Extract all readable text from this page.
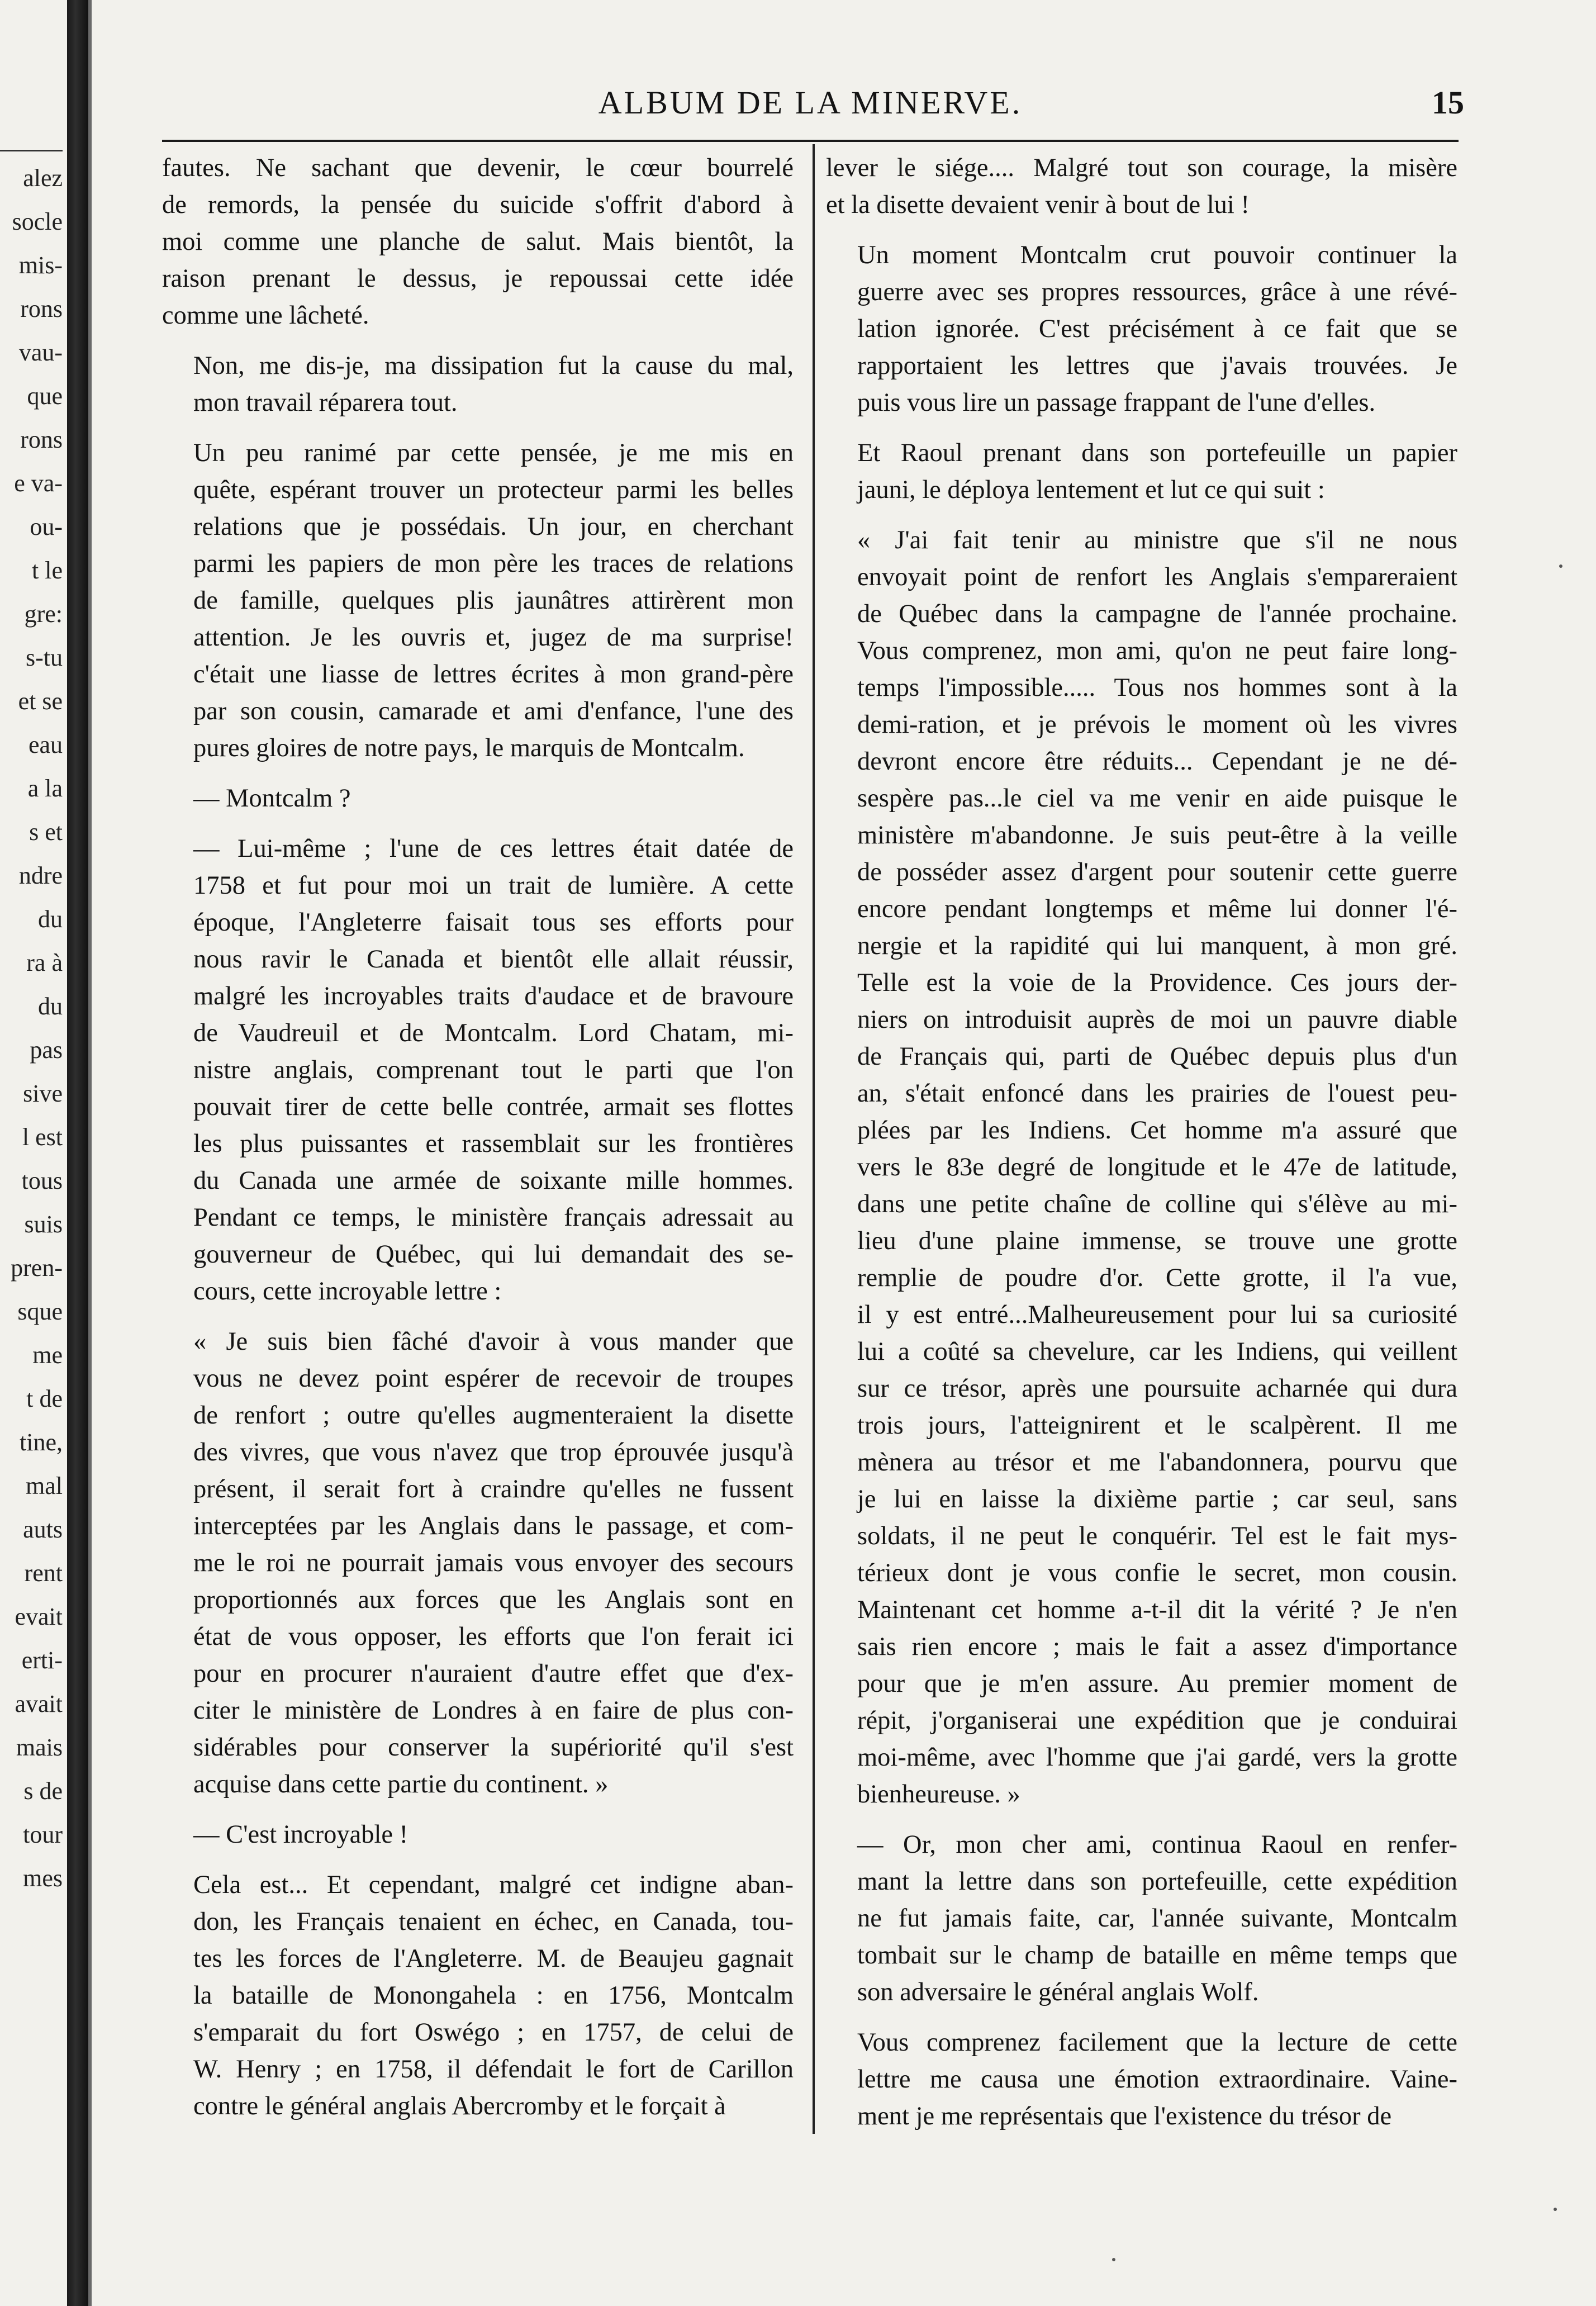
alez
socle
mis-
rons
vau-
que
rons
e va-
ou-
t le
gre:
s-tu
et se
eau
a la
s et
ndre
du
ra à
du
pas
sive
l est
tous
suis
pren-
sque
me
t de
tine,
mal
auts
rent
evait
erti-
avait
mais
s de
tour
mes
ALBUM DE LA MINERVE.	15

fautes. Ne sachant que devenir, le cœur bourrelé
de remords, la pensée du suicide s'offrit d'abord à
moi comme une planche de salut. Mais bientôt, la
raison prenant le dessus, je repoussai cette idée
comme une lâcheté.

Non, me dis-je, ma dissipation fut la cause du mal,
mon travail réparera tout.

Un peu ranimé par cette pensée, je me mis en
quête, espérant trouver un protecteur parmi les belles
relations que je possédais. Un jour, en cherchant
parmi les papiers de mon père les traces de relations
de famille, quelques plis jaunâtres attirèrent mon
attention. Je les ouvris et, jugez de ma surprise!
c'était une liasse de lettres écrites à mon grand-père
par son cousin, camarade et ami d'enfance, l'une des
pures gloires de notre pays, le marquis de Montcalm.

— Montcalm ?

— Lui-même ; l'une de ces lettres était datée de
1758 et fut pour moi un trait de lumière. A cette
époque, l'Angleterre faisait tous ses efforts pour
nous ravir le Canada et bientôt elle allait réussir,
malgré les incroyables traits d'audace et de bravoure
de Vaudreuil et de Montcalm. Lord Chatam, mi-
nistre anglais, comprenant tout le parti que l'on
pouvait tirer de cette belle contrée, armait ses flottes
les plus puissantes et rassemblait sur les frontières
du Canada une armée de soixante mille hommes.
Pendant ce temps, le ministère français adressait au
gouverneur de Québec, qui lui demandait des se-
cours, cette incroyable lettre :

« Je suis bien fâché d'avoir à vous mander que
vous ne devez point espérer de recevoir de troupes
de renfort ; outre qu'elles augmenteraient la disette
des vivres, que vous n'avez que trop éprouvée jusqu'à
présent, il serait fort à craindre qu'elles ne fussent
interceptées par les Anglais dans le passage, et com-
me le roi ne pourrait jamais vous envoyer des secours
proportionnés aux forces que les Anglais sont en
état de vous opposer, les efforts que l'on ferait ici
pour en procurer n'auraient d'autre effet que d'ex-
citer le ministère de Londres à en faire de plus con-
sidérables pour conserver la supériorité qu'il s'est
acquise dans cette partie du continent. »

— C'est incroyable !

Cela est... Et cependant, malgré cet indigne aban-
don, les Français tenaient en échec, en Canada, tou-
tes les forces de l'Angleterre. M. de Beaujeu gagnait
la bataille de Monongahela : en 1756, Montcalm
s'emparait du fort Oswégo ; en 1757, de celui de
W. Henry ; en 1758, il défendait le fort de Carillon
contre le général anglais Abercromby et le forçait à

lever le siége.... Malgré tout son courage, la misère
et la disette devaient venir à bout de lui !

Un moment Montcalm crut pouvoir continuer la
guerre avec ses propres ressources, grâce à une révé-
lation ignorée. C'est précisément à ce fait que se
rapportaient les lettres que j'avais trouvées. Je
puis vous lire un passage frappant de l'une d'elles.

Et Raoul prenant dans son portefeuille un papier
jauni, le déploya lentement et lut ce qui suit :

« J'ai fait tenir au ministre que s'il ne nous
envoyait point de renfort les Anglais s'empareraient
de Québec dans la campagne de l'année prochaine.
Vous comprenez, mon ami, qu'on ne peut faire long-
temps l'impossible..... Tous nos hommes sont à la
demi-ration, et je prévois le moment où les vivres
devront encore être réduits... Cependant je ne dé-
sespère pas...le ciel va me venir en aide puisque le
ministère m'abandonne. Je suis peut-être à la veille
de posséder assez d'argent pour soutenir cette guerre
encore pendant longtemps et même lui donner l'é-
nergie et la rapidité qui lui manquent, à mon gré.
Telle est la voie de la Providence. Ces jours der-
niers on introduisit auprès de moi un pauvre diable
de Français qui, parti de Québec depuis plus d'un
an, s'était enfoncé dans les prairies de l'ouest peu-
plées par les Indiens. Cet homme m'a assuré que
vers le 83e degré de longitude et le 47e de latitude,
dans une petite chaîne de colline qui s'élève au mi-
lieu d'une plaine immense, se trouve une grotte
remplie de poudre d'or. Cette grotte, il l'a vue,
il y est entré...Malheureusement pour lui sa curiosité
lui a coûté sa chevelure, car les Indiens, qui veillent
sur ce trésor, après une poursuite acharnée qui dura
trois jours, l'atteignirent et le scalpèrent. Il me
mènera au trésor et me l'abandonnera, pourvu que
je lui en laisse la dixième partie ; car seul, sans
soldats, il ne peut le conquérir. Tel est le fait mys-
térieux dont je vous confie le secret, mon cousin.
Maintenant cet homme a-t-il dit la vérité ? Je n'en
sais rien encore ; mais le fait a assez d'importance
pour que je m'en assure. Au premier moment de
répit, j'organiserai une expédition que je conduirai
moi-même, avec l'homme que j'ai gardé, vers la grotte
bienheureuse. »

— Or, mon cher ami, continua Raoul en renfer-
mant la lettre dans son portefeuille, cette expédition
ne fut jamais faite, car, l'année suivante, Montcalm
tombait sur le champ de bataille en même temps que
son adversaire le général anglais Wolf.

Vous comprenez facilement que la lecture de cette
lettre me causa une émotion extraordinaire. Vaine-
ment je me représentais que l'existence du trésor de
